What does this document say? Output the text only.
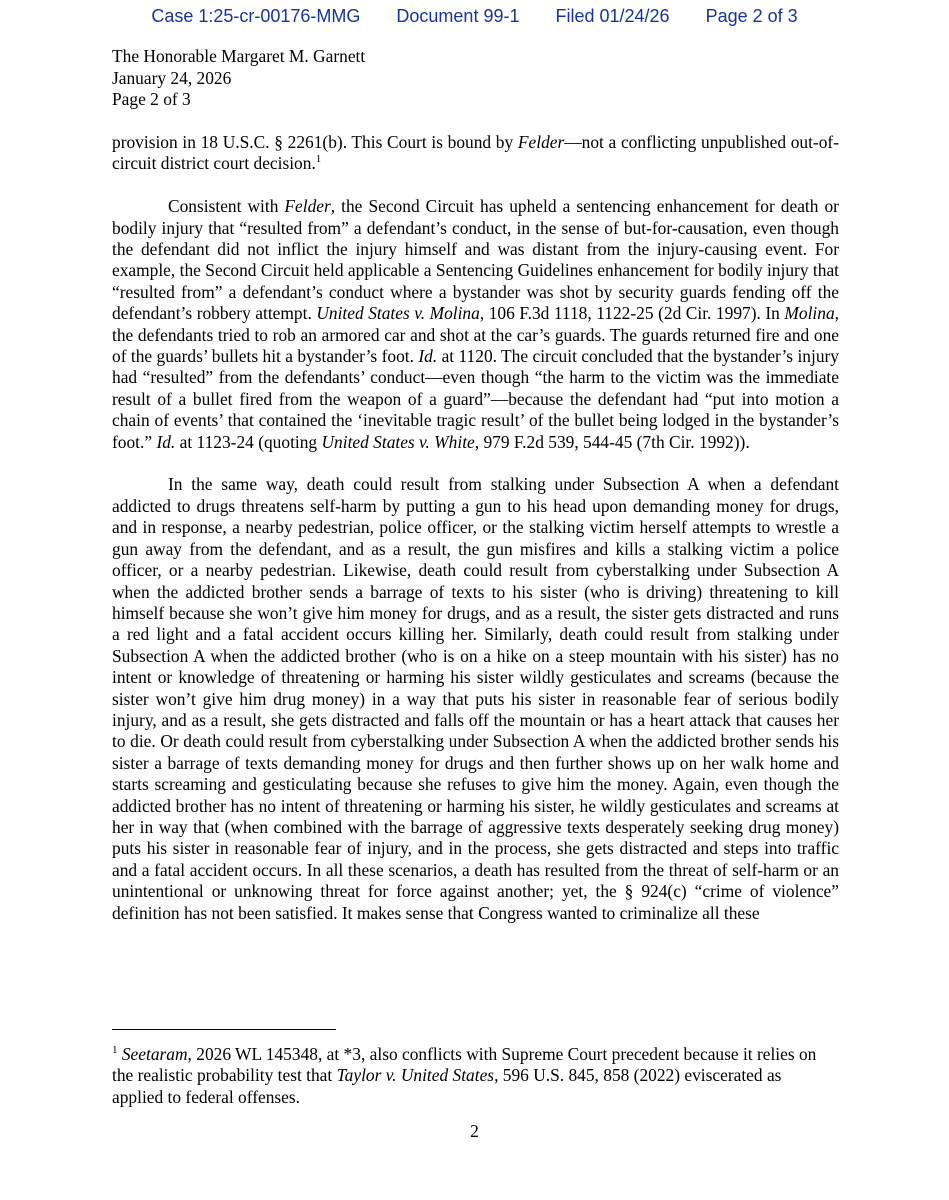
Case 1:25-cr-00176-MMG Document 99-1 Filed 01/24/26 Page 2 of 3
The Honorable Margaret M. Garnett
January 24, 2026
Page 2 of 3

provision in 18 U.S.C. § 2261(b). This Court is bound by Felder—not a conflicting unpublished out-of-circuit district court decision.$^1$

Consistent with Felder, the Second Circuit has upheld a sentencing enhancement for death or bodily injury that “resulted from” a defendant’s conduct, in the sense of but-for-causation, even though the defendant did not inflict the injury himself and was distant from the injury-causing event. For example, the Second Circuit held applicable a Sentencing Guidelines enhancement for bodily injury that “resulted from” a defendant’s conduct where a bystander was shot by security guards fending off the defendant’s robbery attempt. United States v. Molina, 106 F.3d 1118, 1122-25 (2d Cir. 1997). In Molina, the defendants tried to rob an armored car and shot at the car’s guards. The guards returned fire and one of the guards’ bullets hit a bystander’s foot. Id. at 1120. The circuit concluded that the bystander’s injury had “resulted” from the defendants’ conduct—even though “the harm to the victim was the immediate result of a bullet fired from the weapon of a guard”—because the defendant had “put into motion a chain of events’ that contained the ‘inevitable tragic result’ of the bullet being lodged in the bystander’s foot.” Id. at 1123-24 (quoting United States v. White, 979 F.2d 539, 544-45 (7th Cir. 1992)).

In the same way, death could result from stalking under Subsection A when a defendant addicted to drugs threatens self-harm by putting a gun to his head upon demanding money for drugs, and in response, a nearby pedestrian, police officer, or the stalking victim herself attempts to wrestle a gun away from the defendant, and as a result, the gun misfires and kills a stalking victim a police officer, or a nearby pedestrian. Likewise, death could result from cyberstalking under Subsection A when the addicted brother sends a barrage of texts to his sister (who is driving) threatening to kill himself because she won’t give him money for drugs, and as a result, the sister gets distracted and runs a red light and a fatal accident occurs killing her. Similarly, death could result from stalking under Subsection A when the addicted brother (who is on a hike on a steep mountain with his sister) has no intent or knowledge of threatening or harming his sister wildly gesticulates and screams (because the sister won’t give him drug money) in a way that puts his sister in reasonable fear of serious bodily injury, and as a result, she gets distracted and falls off the mountain or has a heart attack that causes her to die. Or death could result from cyberstalking under Subsection A when the addicted brother sends his sister a barrage of texts demanding money for drugs and then further shows up on her walk home and starts screaming and gesticulating because she refuses to give him the money. Again, even though the addicted brother has no intent of threatening or harming his sister, he wildly gesticulates and screams at her in way that (when combined with the barrage of aggressive texts desperately seeking drug money) puts his sister in reasonable fear of injury, and in the process, she gets distracted and steps into traffic and a fatal accident occurs. In all these scenarios, a death has resulted from the threat of self-harm or an unintentional or unknowing threat for force against another; yet, the § 924(c) “crime of violence” definition has not been satisfied. It makes sense that Congress wanted to criminalize all these

$^1$ Seetaram, 2026 WL 145348, at *3, also conflicts with Supreme Court precedent because it relies on the realistic probability test that Taylor v. United States, 596 U.S. 845, 858 (2022) eviscerated as applied to federal offenses.
2
